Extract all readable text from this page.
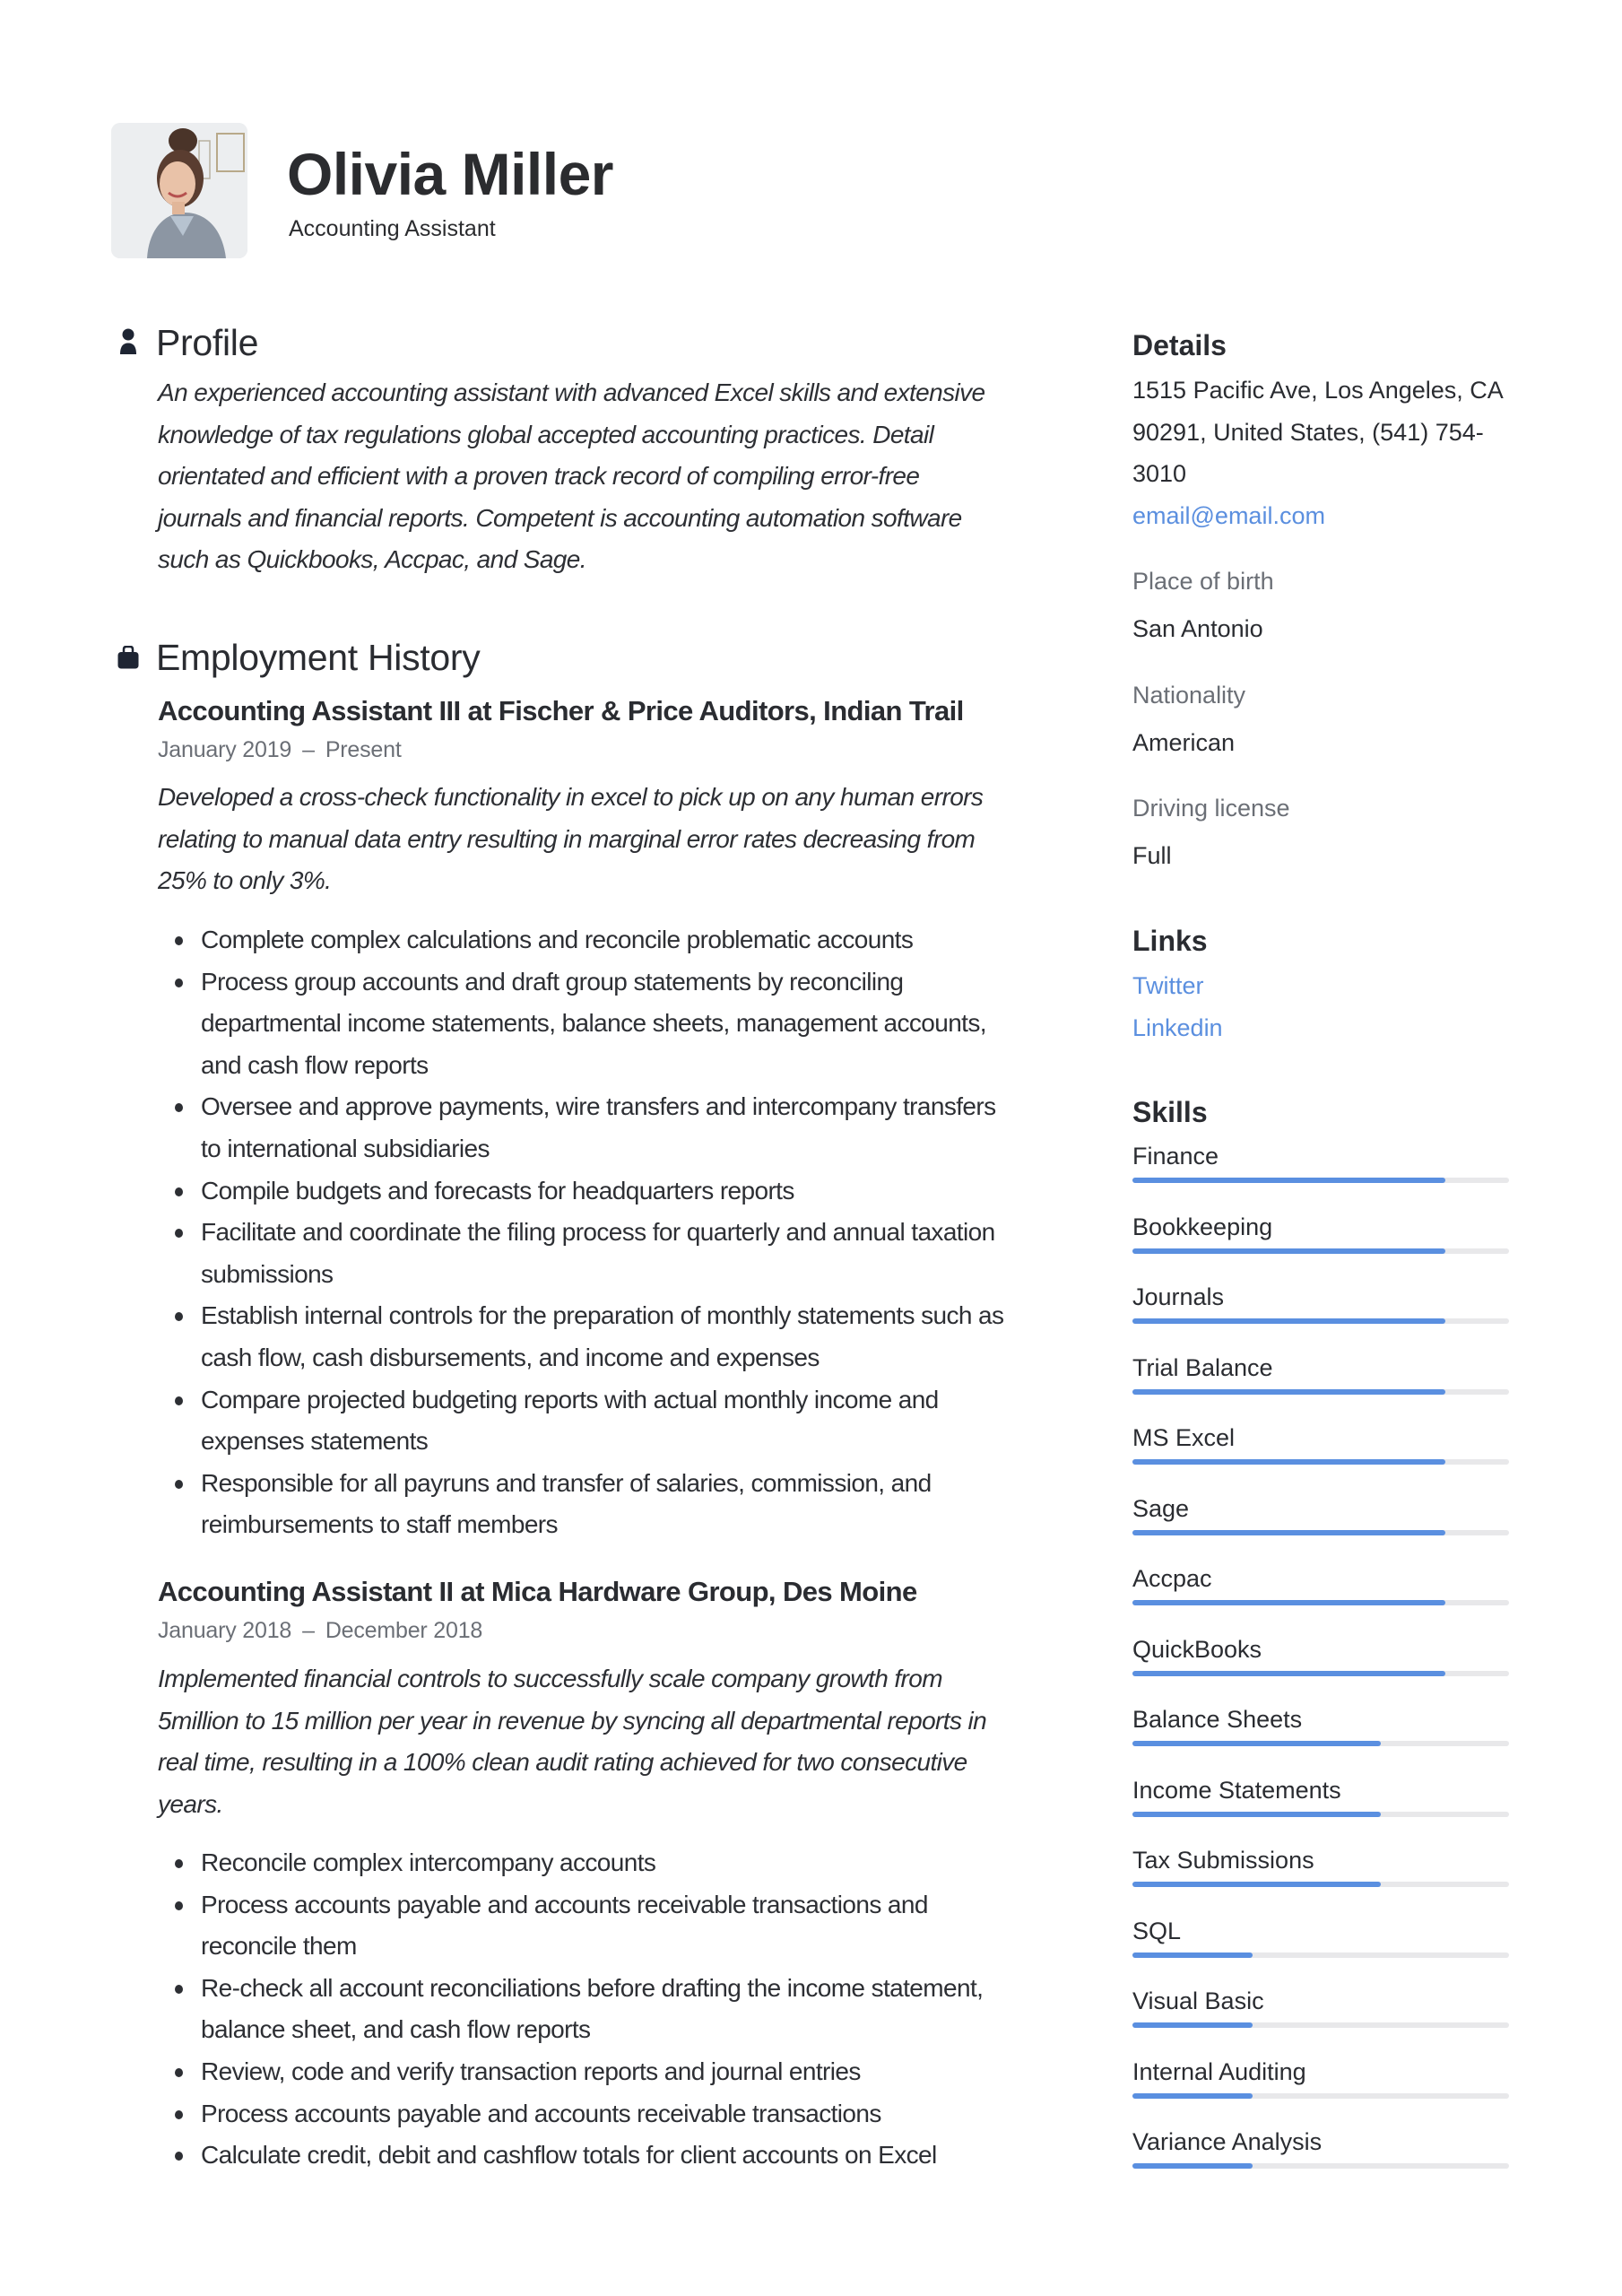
Olivia Miller
Accounting Assistant
Profile
An experienced accounting assistant with advanced Excel skills and extensive
knowledge of tax regulations global accepted accounting practices. Detail
orientated and efficient with a proven track record of compiling error-free
journals and financial reports. Competent is accounting automation software
such as Quickbooks, Accpac, and Sage.
Employment History
Accounting Assistant III at Fischer & Price Auditors, Indian Trail
January 2019 – Present
Developed a cross-check functionality in excel to pick up on any human errors
relating to manual data entry resulting in marginal error rates decreasing from
25% to only 3%.
Complete complex calculations and reconcile problematic accounts
Process group accounts and draft group statements by reconciling
departmental income statements, balance sheets, management accounts,
and cash flow reports
Oversee and approve payments, wire transfers and intercompany transfers
to international subsidiaries
Compile budgets and forecasts for headquarters reports
Facilitate and coordinate the filing process for quarterly and annual taxation
submissions
Establish internal controls for the preparation of monthly statements such as
cash flow, cash disbursements, and income and expenses
Compare projected budgeting reports with actual monthly income and
expenses statements
Responsible for all payruns and transfer of salaries, commission, and
reimbursements to staff members
Accounting Assistant II at Mica Hardware Group, Des Moine
January 2018 – December 2018
Implemented financial controls to successfully scale company growth from
5million to 15 million per year in revenue by syncing all departmental reports in
real time, resulting in a 100% clean audit rating achieved for two consecutive
years.
Reconcile complex intercompany accounts
Process accounts payable and accounts receivable transactions and
reconcile them
Re-check all account reconciliations before drafting the income statement,
balance sheet, and cash flow reports
Review, code and verify transaction reports and journal entries
Process accounts payable and accounts receivable transactions
Calculate credit, debit and cashflow totals for client accounts on Excel
Details
1515 Pacific Ave, Los Angeles, CA
90291, United States, (541) 754-
3010
email@email.com
Place of birth
San Antonio
Nationality
American
Driving license
Full
Links
Twitter
Linkedin
Skills
Finance
Bookkeeping
Journals
Trial Balance
MS Excel
Sage
Accpac
QuickBooks
Balance Sheets
Income Statements
Tax Submissions
SQL
Visual Basic
Internal Auditing
Variance Analysis
